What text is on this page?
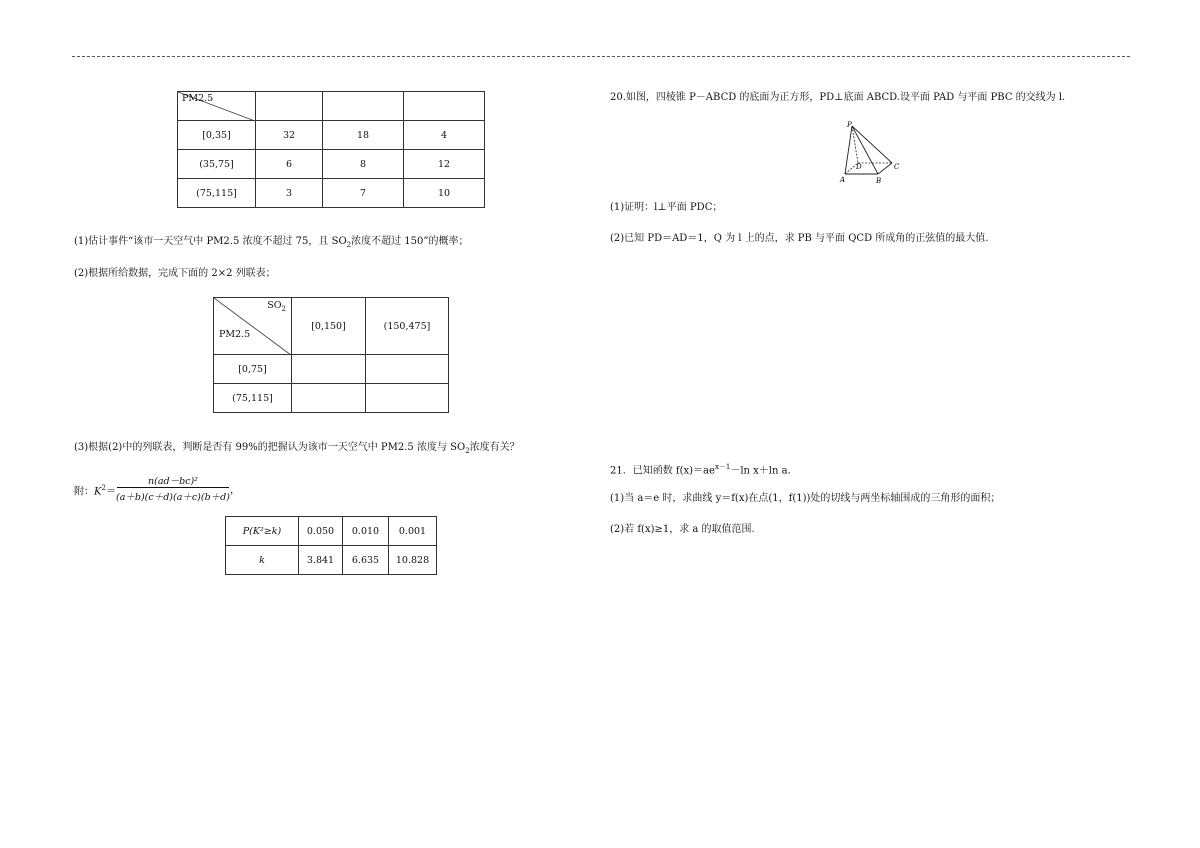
PM2.5			

[0,35]	32	18	4
(35,75]	6	8	12
(75,115]	3	7	10
(1)估计事件“该市一天空气中 PM2.5 浓度不超过 75，且 $SO_2$浓度不超过 150”的概率；
(2)根据所给数据，完成下面的 2×2 列联表；
$SO_2$
PM2.5	[0,150]	(150,475]
[0,75]		
(75,115]		
(3)根据(2)中的列联表，判断是否有 99%的把握认为该市一天空气中 PM2.5 浓度与 $SO_2$浓度有关？
附：$K^2=$
n(ad－bc)²
(a＋b)(c＋d)(a＋c)(b＋d)
，
P(K²≥k)	0.050	0.010	0.001
k	3.841	6.635	10.828
20.如图，四棱锥 P－ABCD 的底面为正方形，PD⊥底面 ABCD.设平面 PAD 与平面 PBC 的交线为 l.
P
A	B
C
D
(1)证明：l⊥平面 PDC；
(2)已知 PD＝AD＝1，Q 为 l 上的点，求 PB 与平面 QCD 所成角的正弦值的最大值.
21．已知函数 $f(x)=ae^{x-1}-\ln$ x＋ln a.
(1)当 a＝e 时，求曲线 y＝f(x)在点(1，f(1))处的切线与两坐标轴围成的三角形的面积；
(2)若 f(x)≥1，求 a 的取值范围.
